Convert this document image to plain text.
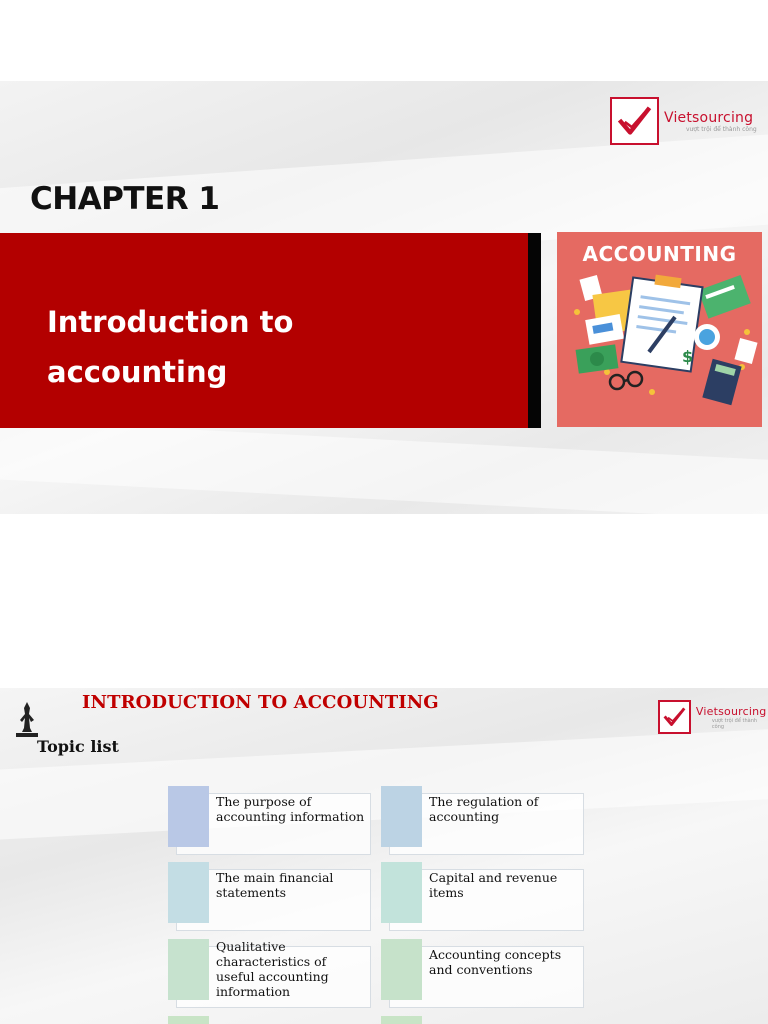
Vietsourcing
vượt trội để thành công
CHAPTER 1
Introduction to
accounting
ACCOUNTING
$
INTRODUCTION TO ACCOUNTING
Topic list
Vietsourcing
vượt trội để thành công
The purpose of accounting information
The regulation of accounting
The main financial statements
Capital and revenue items
Qualitative characteristics of useful accounting information
Accounting concepts and conventions
